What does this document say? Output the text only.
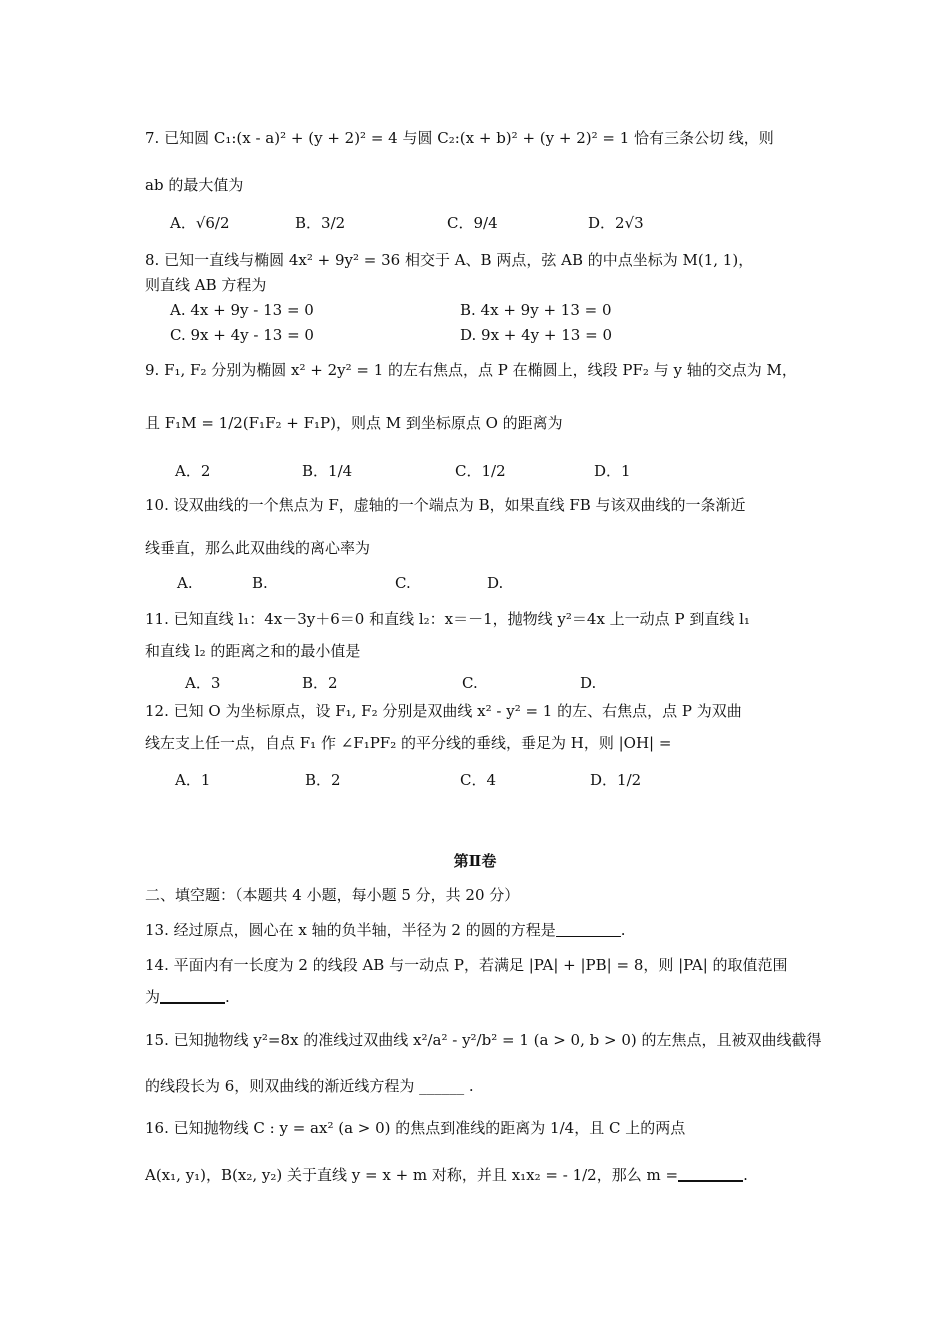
7. 已知圆 C₁:(x - a)² + (y + 2)² = 4 与圆 C₂:(x + b)² + (y + 2)² = 1 恰有三条公切 线，则
ab 的最大值为
A．√6/2	B．3/2	C．9/4	D．2√3
8. 已知一直线与椭圆 4x² + 9y² = 36 相交于 A、B 两点，弦 AB 的中点坐标为 M(1, 1)，
则直线 AB 方程为
A. 4x + 9y - 13 = 0	B. 4x + 9y + 13 = 0
C. 9x + 4y - 13 = 0	D. 9x + 4y + 13 = 0
9. F₁, F₂ 分别为椭圆 x² + 2y² = 1 的左右焦点，点 P 在椭圆上，线段 PF₂ 与 y 轴的交点为 M，
且 F₁M = 1/2(F₁F₂ + F₁P)，则点 M 到坐标原点 O 的距离为
A．2	B．1/4	C．1/2	D．1
10. 设双曲线的一个焦点为 F，虚轴的一个端点为 B，如果直线 FB 与该双曲线的一条渐近
线垂直，那么此双曲线的离心率为
A.	B.	C.	D.
11. 已知直线 l₁：4x－3y＋6＝0 和直线 l₂：x＝－1，抛物线 y²＝4x 上一动点 P 到直线 l₁
和直线 l₂ 的距离之和的最小值是
A．3	B．2	C.	D.
12. 已知 O 为坐标原点，设 F₁, F₂ 分别是双曲线 x² - y² = 1 的左、右焦点，点 P 为双曲
线左支上任一点，自点 F₁ 作 ∠F₁PF₂ 的平分线的垂线，垂足为 H，则 |OH| =
A．1	B．2	C．4	D．1/2
第Ⅱ卷
二、填空题：（本题共 4 小题，每小题 5 分，共 20 分）
13. 经过原点，圆心在 x 轴的负半轴，半径为 2 的圆的方程是	.
14. 平面内有一长度为 2 的线段 AB 与一动点 P，若满足 |PA| + |PB| = 8，则 |PA| 的取值范围
为	.
15. 已知抛物线 y²=8x 的准线过双曲线 x²/a² - y²/b² = 1 (a > 0, b > 0) 的左焦点，且被双曲线截得
的线段长为 6，则双曲线的渐近线方程为 ______ .
16. 已知抛物线 C : y = ax² (a > 0) 的焦点到准线的距离为 1/4，且 C 上的两点
A(x₁, y₁)，B(x₂, y₂) 关于直线 y = x + m 对称，并且 x₁x₂ = - 1/2，那么 m =	.
